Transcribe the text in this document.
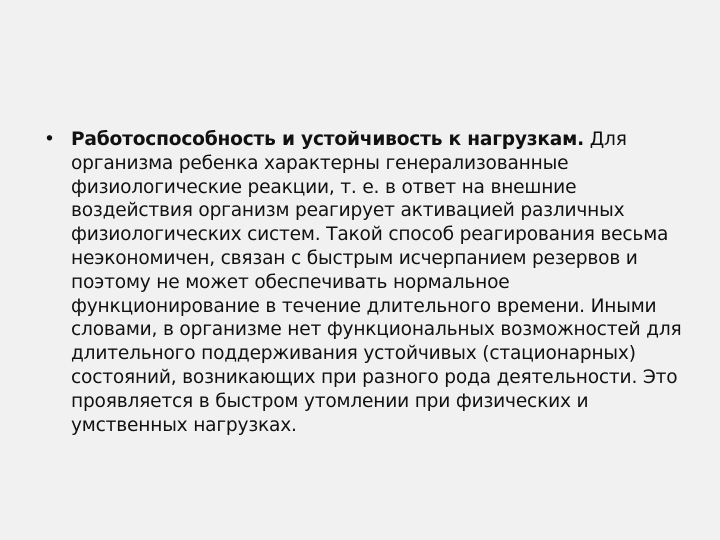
• Работоспособность и устойчивость к нагрузкам. Для организма ребенка характерны генерализованные физиологические реакции, т. е. в ответ на внешние воздействия организм реагирует активацией различных физиологических систем. Такой способ реагирования весьма неэкономичен, связан с быстрым исчерпанием резервов и поэтому не может обеспечивать нормальное функционирование в течение длительного времени. Иными словами, в организме нет функциональных возможностей для длительного поддерживания устойчивых (стационарных) состояний, возникающих при разного рода деятельности. Это проявляется в быстром утомлении при физических и умственных нагрузках.
